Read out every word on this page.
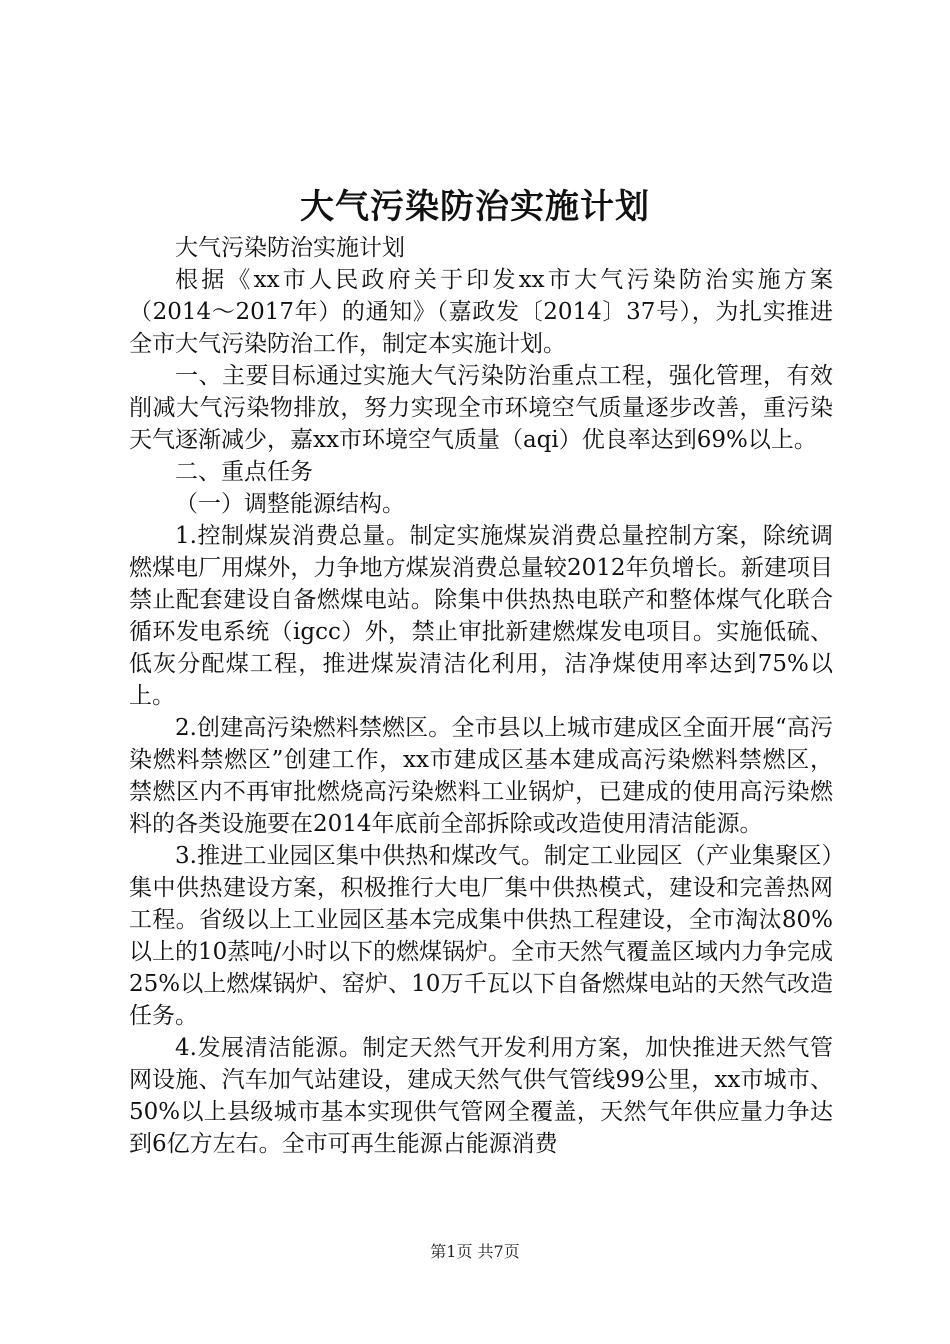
大气污染防治实施计划

大气污染防治实施计划

根据《xx市人民政府关于印发xx市大气污染防治实施方案（2014～2017年）的通知》（嘉政发〔2014〕37号），为扎实推进全市大气污染防治工作，制定本实施计划。

一、主要目标通过实施大气污染防治重点工程，强化管理，有效削减大气污染物排放，努力实现全市环境空气质量逐步改善，重污染天气逐渐减少，嘉xx市环境空气质量（aqi）优良率达到69%以上。

二、重点任务

（一）调整能源结构。

1.控制煤炭消费总量。制定实施煤炭消费总量控制方案，除统调燃煤电厂用煤外，力争地方煤炭消费总量较2012年负增长。新建项目禁止配套建设自备燃煤电站。除集中供热热电联产和整体煤气化联合循环发电系统（igcc）外，禁止审批新建燃煤发电项目。实施低硫、低灰分配煤工程，推进煤炭清洁化利用，洁净煤使用率达到75%以上。

2.创建高污染燃料禁燃区。全市县以上城市建成区全面开展“高污染燃料禁燃区”创建工作，xx市建成区基本建成高污染燃料禁燃区，禁燃区内不再审批燃烧高污染燃料工业锅炉，已建成的使用高污染燃料的各类设施要在2014年底前全部拆除或改造使用清洁能源。

3.推进工业园区集中供热和煤改气。制定工业园区（产业集聚区）集中供热建设方案，积极推行大电厂集中供热模式，建设和完善热网工程。省级以上工业园区基本完成集中供热工程建设，全市淘汰80%以上的10蒸吨/小时以下的燃煤锅炉。全市天然气覆盖区域内力争完成25%以上燃煤锅炉、窑炉、10万千瓦以下自备燃煤电站的天然气改造任务。

4.发展清洁能源。制定天然气开发利用方案，加快推进天然气管网设施、汽车加气站建设，建成天然气供气管线99公里，xx市城市、50%以上县级城市基本实现供气管网全覆盖，天然气年供应量力争达到6亿方左右。全市可再生能源占能源消费

第1页 共7页
